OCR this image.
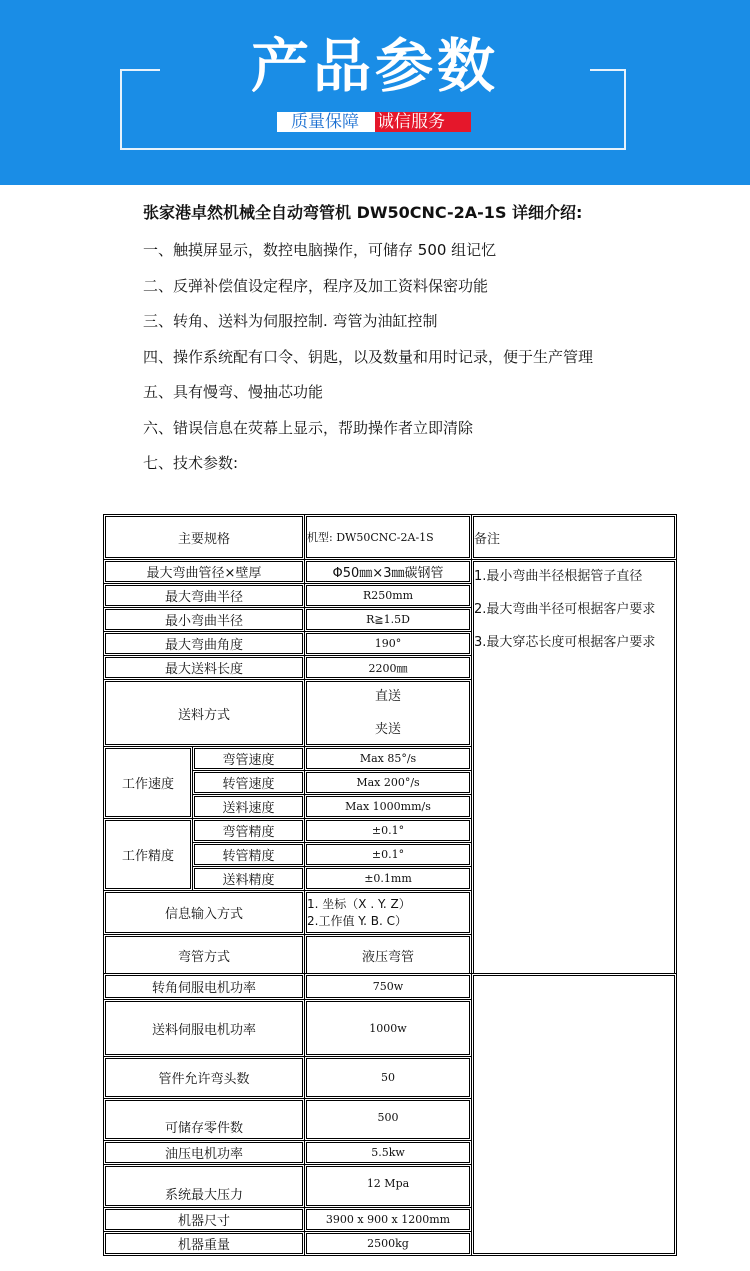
产品参数
质量保障	诚信服务
张家港卓然机械全自动弯管机 DW50CNC-2A-1S 详细介绍:
一、触摸屏显示，数控电脑操作，可储存 500 组记忆
二、反弹补偿值设定程序，程序及加工资料保密功能
三、转角、送料为伺服控制. 弯管为油缸控制
四、操作系统配有口令、钥匙，以及数量和用时记录，便于生产管理
五、具有慢弯、慢抽芯功能
六、错误信息在荧幕上显示，帮助操作者立即清除
七、技术参数:
主要规格		机型: DW50CNC-2A-1S	备注
最大弯曲管径×壁厚		Φ50㎜×3㎜碳钢管	1.最小弯曲半径根据管子直径
2.最大弯曲半径可根据客户要求
3.最大穿芯长度可根据客户要求

最大弯曲半径		R250mm	
最小弯曲半径		R≧1.5D	
最大弯曲角度		190°	
最大送料长度		2200㎜	
送料方式		直送
夹送	

工作速度	弯管速度	Max 85°/s	
	转管速度	Max 200°/s	
	送料速度	Max 1000mm/s	
工作精度	弯管精度	±0.1°	
	转管精度	±0.1°	
	送料精度	±0.1mm	
信息输入方式		1. 坐标（X . Y. Z）
2.工作值 Y. B. C）	

弯管方式		液压弯管	
转角伺服电机功率	750w	
送料伺服电机功率	1000w	
管件允许弯头数	50	
可储存零件数	500	
油压电机功率	5.5kw	
系统最大压力	12 Mpa	
机器尺寸	3900 x 900 x 1200mm	
机器重量	2500kg	
